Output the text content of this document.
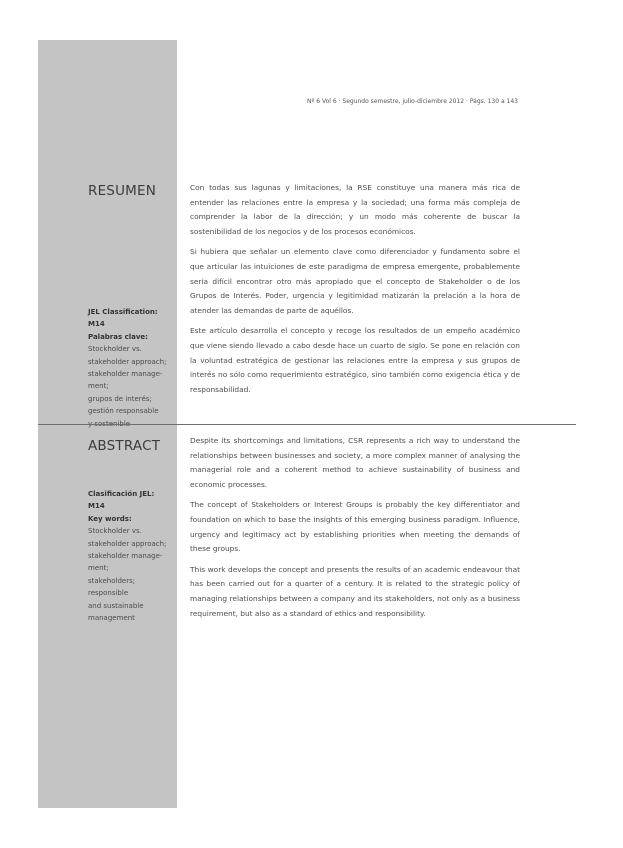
Nº 6 Vol 6 · Segundo semestre, julio-diciembre 2012 · Págs. 130 a 143
RESUMEN
JEL Classification:
M14
Palabras clave:
Stockholder vs.
stakeholder approach;
stakeholder manage-
ment;
grupos de interés;
gestión responsable

Con todas sus lagunas y limitaciones, la RSE constituye una manera más rica de entender las relaciones entre la empresa y la sociedad; una forma más compleja de comprender la labor de la dirección; y un modo más coherente de buscar la sostenibilidad de los negocios y de los procesos económicos.

Si hubiera que señalar un elemento clave como diferenciador y fundamento sobre el que articular las intuiciones de este paradigma de empresa emergente, probablemente sería difícil encontrar otro más apropiado que el concepto de Stakeholder o de los Grupos de Interés. Poder, urgencia y legitimidad matizarán la prelación a la hora de atender las demandas de parte de aquéllos.

Este artículo desarrolla el concepto y recoge los resultados de un empeño académico que viene siendo llevado a cabo desde hace un cuarto de siglo. Se pone en relación con la voluntad estratégica de gestionar las relaciones entre la empresa y sus grupos de interés no sólo como requerimiento estratégico, sino también como exigencia ética y de responsabilidad.

ABSTRACT
Clasificación JEL:
M14
Key words:
Stockholder vs.
stakeholder approach;
stakeholder manage-
ment;
stakeholders;
responsible
and sustainable
management

Despite its shortcomings and limitations, CSR represents a rich way to understand the relationships between businesses and society, a more complex manner of analysing the managerial role and a coherent method to achieve sustainability of business and economic processes.

The concept of Stakeholders or Interest Groups is probably the key differentiator and foundation on which to base the insights of this emerging business paradigm. Influence, urgency and legitimacy act by establishing priorities when meeting the demands of these groups.

This work develops the concept and presents the results of an academic endeavour that has been carried out for a quarter of a century. It is related to the strategic policy of managing relationships between a company and its stakeholders, not only as a business requirement, but also as a standard of ethics and responsibility.
